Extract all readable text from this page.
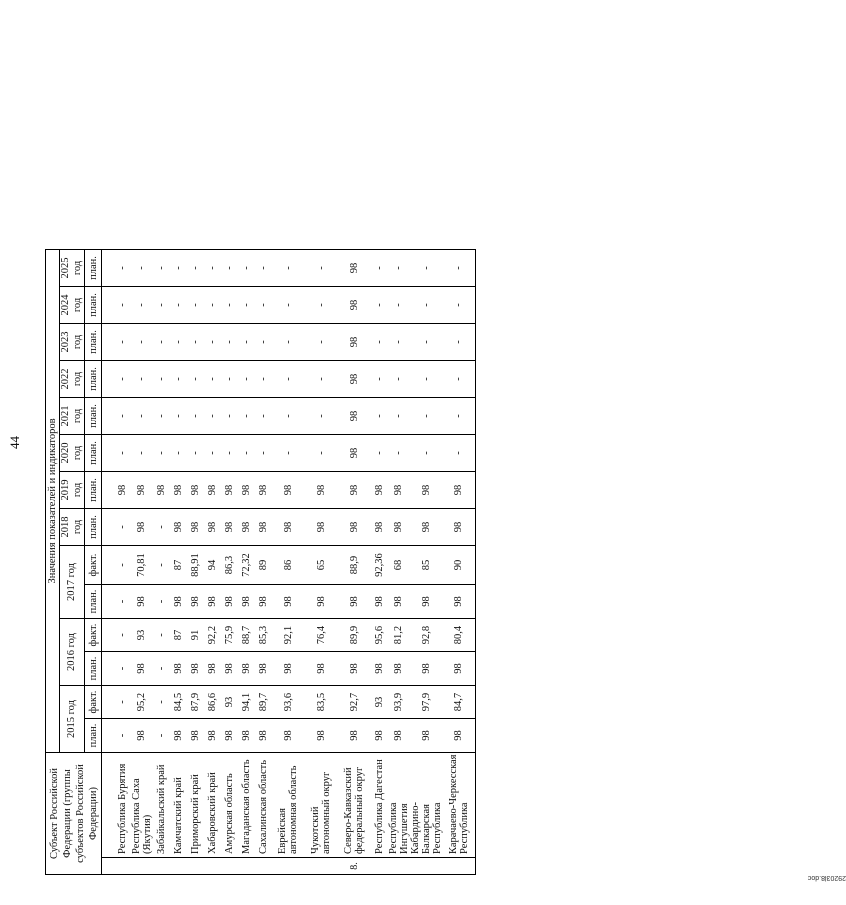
44
Субъект Российской Федерации (группы субъектов Российской Федерации)		Значения показателей и индикаторов													
		2015 год		2016 год		2017 год		2018 год	2019 год	2020 год	2021 год	2022 год	2023 год	2024 год	2025 год
		план.	факт.	план.	факт.	план.	факт.	план.	план.	план.	план.	план.	план.	план.	план.

	Республика Бурятия	-	-	-	-	-	-	-	98	-	-	-	-	-	-
	Республика Саха (Якутия)	98	95,2	98	93	98	70,81	98	98	-	-	-	-	-	-
	Забайкальский край	-	-	-	-	-	-	-	98	-	-	-	-	-	-
	Камчатский край	98	84,5	98	87	98	87	98	98	-	-	-	-	-	-
	Приморский край	98	87,9	98	91	98	88,91	98	98	-	-	-	-	-	-
	Хабаровский край	98	86,6	98	92,2	98	94	98	98	-	-	-	-	-	-
	Амурская область	98	93	98	75,9	98	86,3	98	98	-	-	-	-	-	-
	Магаданская область	98	94,1	98	88,7	98	72,32	98	98	-	-	-	-	-	-
	Сахалинская область	98	89,7	98	85,3	98	89	98	98	-	-	-	-	-	-
	Еврейская автономная область	98	93,6	98	92,1	98	86	98	98	-	-	-	-	-	-
	Чукотский автономный округ	98	83,5	98	76,4	98	65	98	98	-	-	-	-	-	-
8.	Северо-Кавказский федеральный округ	98	92,7	98	89,9	98	88,9	98	98	98	98	98	98	98	98
	Республика Дагестан	98	93	98	95,6	98	92,36	98	98	-	-	-	-	-	-
	Республика Ингушетия	98	93,9	98	81,2	98	68	98	98	-	-	-	-	-	-
	Кабардино-Балкарская Республика	98	97,9	98	92,8	98	85	98	98	-	-	-	-	-	-
	Карачаево-Черкесская Республика	98	84,7	98	80,4	98	90	98	98	-	-	-	-	-	-
29203l8.doc
